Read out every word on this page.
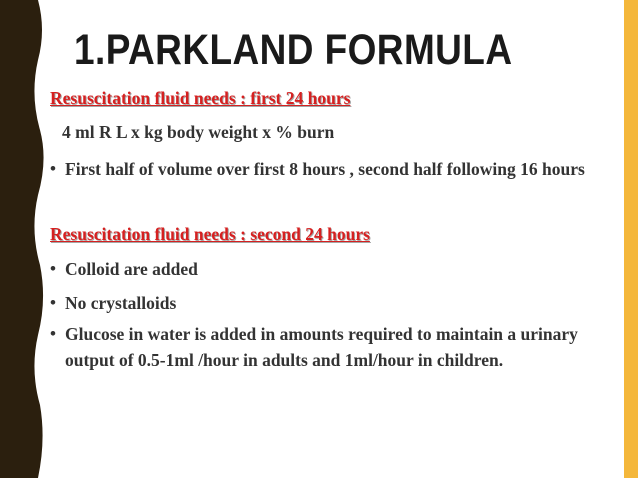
1.PARKLAND FORMULA
Resuscitation fluid needs : first 24 hours
4 ml R L x kg body weight x % burn
• First half of volume over first 8 hours , second half following 16 hours
Resuscitation fluid needs : second 24 hours
• Colloid are added
• No crystalloids
• Glucose in water is added in amounts required to maintain a urinary output of 0.5-1ml /hour in adults and 1ml/hour in children.
